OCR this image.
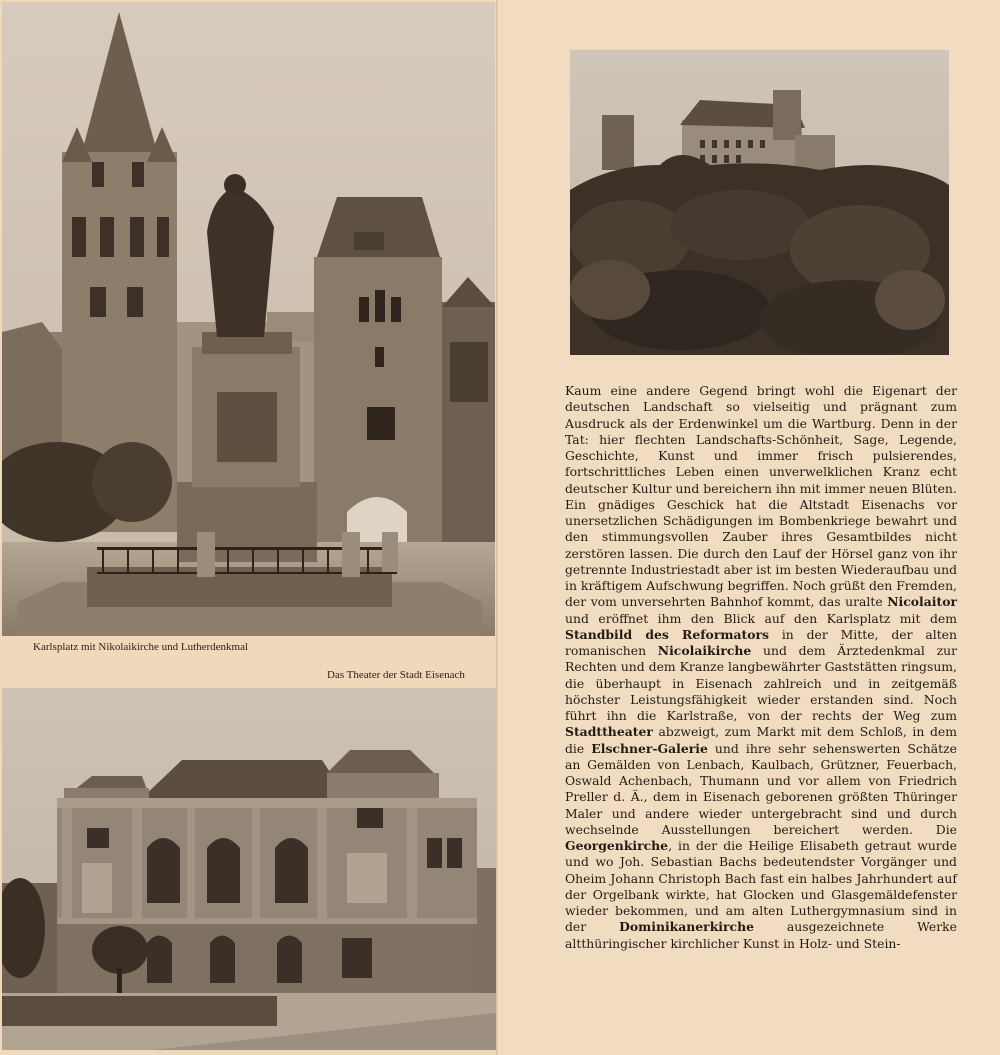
Karlsplatz mit Nikolaikirche und Lutherdenkmal
Das Theater der Stadt Eisenach

Kaum eine andere Gegend bringt wohl die Eigenart der deutschen Landschaft so vielseitig und prägnant zum Ausdruck als der Erdenwinkel um die Wartburg. Denn in der Tat: hier flechten Landschafts-Schönheit, Sage, Legende, Geschichte, Kunst und immer frisch pulsierendes, fortschrittliches Leben einen unverwelklichen Kranz echt deutscher Kultur und bereichern ihn mit immer neuen Blüten.

Ein gnädiges Geschick hat die Altstadt Eisenachs vor unersetzlichen Schädigungen im Bombenkriege bewahrt und den stimmungsvollen Zauber ihres Gesamtbildes nicht zerstören lassen. Die durch den Lauf der Hörsel ganz von ihr getrennte Industriestadt aber ist im besten Wiederaufbau und in kräftigem Aufschwung begriffen. Noch grüßt den Fremden, der vom unversehrten Bahnhof kommt, das uralte Nicolaitor und eröffnet ihm den Blick auf den Karlsplatz mit dem Standbild des Reformators in der Mitte, der alten romanischen Nicolaikirche und dem Ärztedenkmal zur Rechten und dem Kranze langbewährter Gaststätten ringsum, die überhaupt in Eisenach zahlreich und in zeitgemäß höchster Leistungsfähigkeit wieder erstanden sind. Noch führt ihn die Karlstraße, von der rechts der Weg zum Stadttheater abzweigt, zum Markt mit dem Schloß, in dem die Elschner-Galerie und ihre sehr sehenswerten Schätze an Gemälden von Lenbach, Kaulbach, Grützner, Feuerbach, Oswald Achenbach, Thumann und vor allem von Friedrich Preller d. Ä., dem in Eisenach geborenen größten Thüringer Maler und andere wieder untergebracht sind und durch wechselnde Ausstellungen bereichert werden. Die Georgenkirche, in der die Heilige Elisabeth getraut wurde und wo Joh. Sebastian Bachs bedeutendster Vorgänger und Oheim Johann Christoph Bach fast ein halbes Jahrhundert auf der Orgelbank wirkte, hat Glocken und Glasgemäldefenster wieder bekommen, und am alten Luthergymnasium sind in der Dominikanerkirche ausgezeichnete Werke altthüringischer kirchlicher Kunst in Holz- und Stein-
